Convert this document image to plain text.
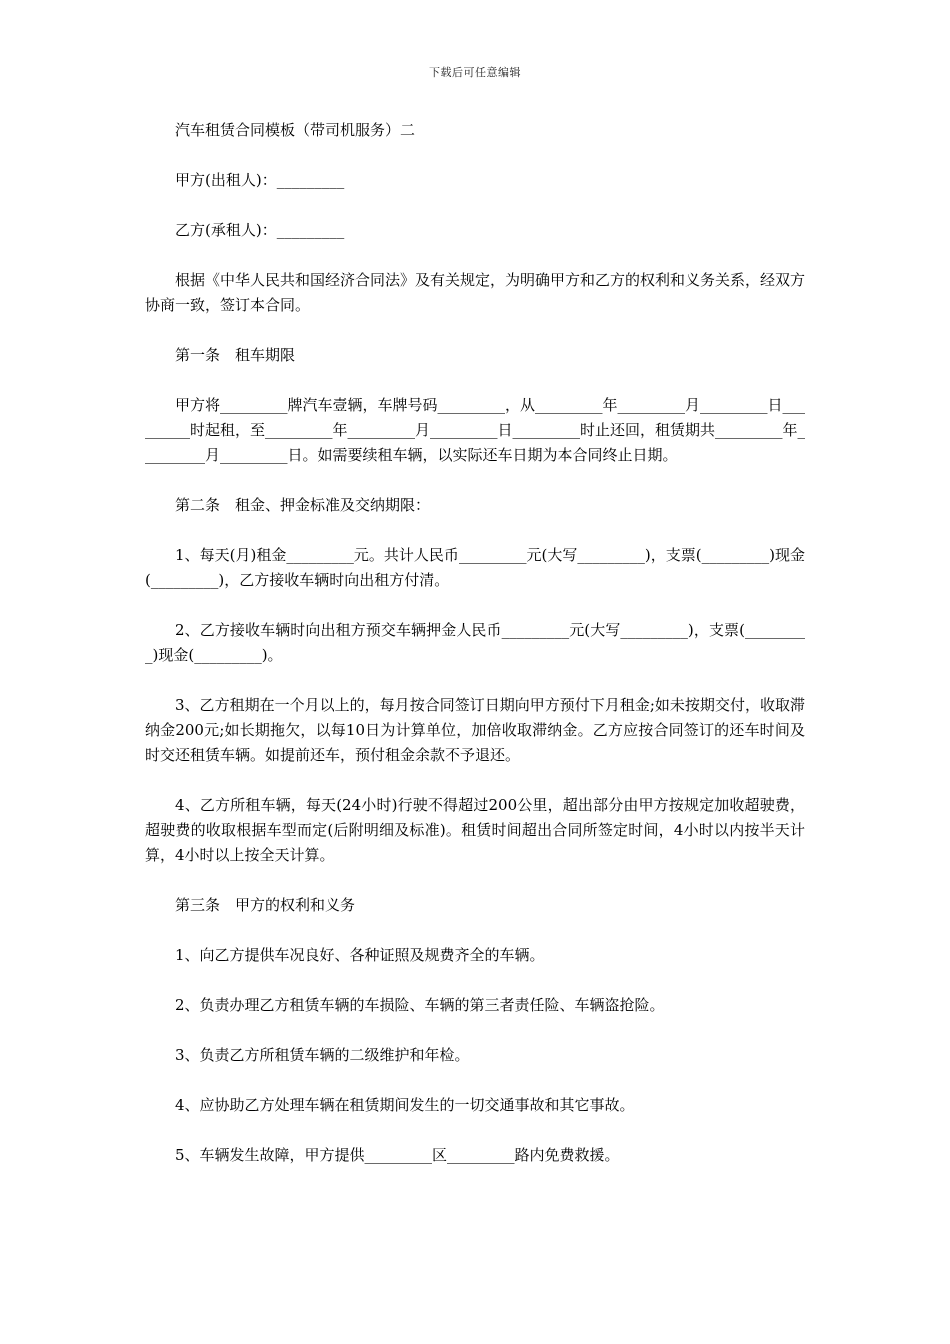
下载后可任意编辑

汽车租赁合同模板（带司机服务）二

甲方(出租人)：_________

乙方(承租人)：_________

根据《中华人民共和国经济合同法》及有关规定，为明确甲方和乙方的权利和义务关系，经双方协商一致，签订本合同。

第一条　租车期限

甲方将_________牌汽车壹辆，车牌号码_________，从_________年_________月_________日_________时起租，至_________年_________月_________日_________时止还回，租赁期共_________年_________月_________日。如需要续租车辆，以实际还车日期为本合同终止日期。

第二条　租金、押金标准及交纳期限：

1、每天(月)租金_________元。共计人民币_________元(大写_________)，支票(_________)现金(_________)，乙方接收车辆时向出租方付清。

2、乙方接收车辆时向出租方预交车辆押金人民币_________元(大写_________)，支票(_________)现金(_________)。

3、乙方租期在一个月以上的，每月按合同签订日期向甲方预付下月租金;如未按期交付，收取滞纳金200元;如长期拖欠，以每10日为计算单位，加倍收取滞纳金。乙方应按合同签订的还车时间及时交还租赁车辆。如提前还车，预付租金余款不予退还。

4、乙方所租车辆，每天(24小时)行驶不得超过200公里，超出部分由甲方按规定加收超驶费，超驶费的收取根据车型而定(后附明细及标准)。租赁时间超出合同所签定时间，4小时以内按半天计算，4小时以上按全天计算。

第三条　甲方的权利和义务

1、向乙方提供车况良好、各种证照及规费齐全的车辆。

2、负责办理乙方租赁车辆的车损险、车辆的第三者责任险、车辆盗抢险。

3、负责乙方所租赁车辆的二级维护和年检。

4、应协助乙方处理车辆在租赁期间发生的一切交通事故和其它事故。

5、车辆发生故障，甲方提供_________区_________路内免费救援。
